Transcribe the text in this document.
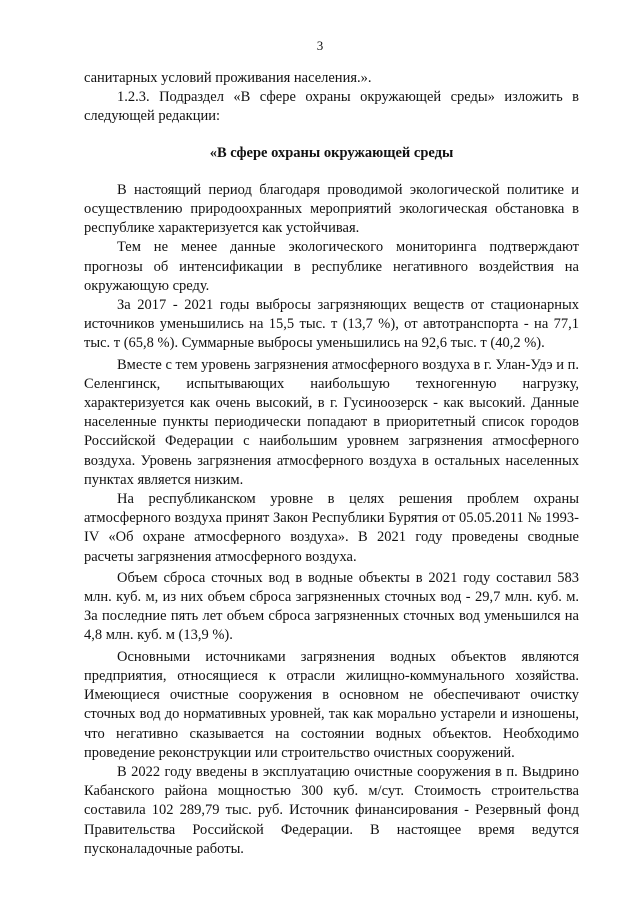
3

санитарных условий проживания населения.».

1.2.3. Подраздел «В сфере охраны окружающей среды» изложить в следующей редакции:

«В сфере охраны окружающей среды

В настоящий период благодаря проводимой экологической политике и осуществлению природоохранных мероприятий экологическая обстановка в республике характеризуется как устойчивая.

Тем не менее данные экологического мониторинга подтверждают прогнозы об интенсификации в республике негативного воздействия на окружающую среду.

За 2017 - 2021 годы выбросы загрязняющих веществ от стационарных источников уменьшились на 15,5 тыс. т (13,7 %), от автотранспорта - на 77,1 тыс. т (65,8 %). Суммарные выбросы уменьшились на 92,6 тыс. т (40,2 %).

Вместе с тем уровень загрязнения атмосферного воздуха в г. Улан-Удэ и п. Селенгинск, испытывающих наибольшую техногенную нагрузку, характеризуется как очень высокий, в г. Гусиноозерск - как высокий. Данные населенные пункты периодически попадают в приоритетный список городов Российской Федерации с наибольшим уровнем загрязнения атмосферного воздуха. Уровень загрязнения атмосферного воздуха в остальных населенных пунктах является низким.

На республиканском уровне в целях решения проблем охраны атмосферного воздуха принят Закон Республики Бурятия от 05.05.2011 № 1993-IV «Об охране атмосферного воздуха». В 2021 году проведены сводные расчеты загрязнения атмосферного воздуха.

Объем сброса сточных вод в водные объекты в 2021 году составил 583 млн. куб. м, из них объем сброса загрязненных сточных вод - 29,7 млн. куб. м. За последние пять лет объем сброса загрязненных сточных вод уменьшился на 4,8 млн. куб. м (13,9 %).

Основными источниками загрязнения водных объектов являются предприятия, относящиеся к отрасли жилищно-коммунального хозяйства. Имеющиеся очистные сооружения в основном не обеспечивают очистку сточных вод до нормативных уровней, так как морально устарели и изношены, что негативно сказывается на состоянии водных объектов. Необходимо проведение реконструкции или строительство очистных сооружений.

В 2022 году введены в эксплуатацию очистные сооружения в п. Выдрино Кабанского района мощностью 300 куб. м/сут. Стоимость строительства составила 102 289,79 тыс. руб. Источник финансирования - Резервный фонд Правительства Российской Федерации. В настоящее время ведутся пусконаладочные работы.
